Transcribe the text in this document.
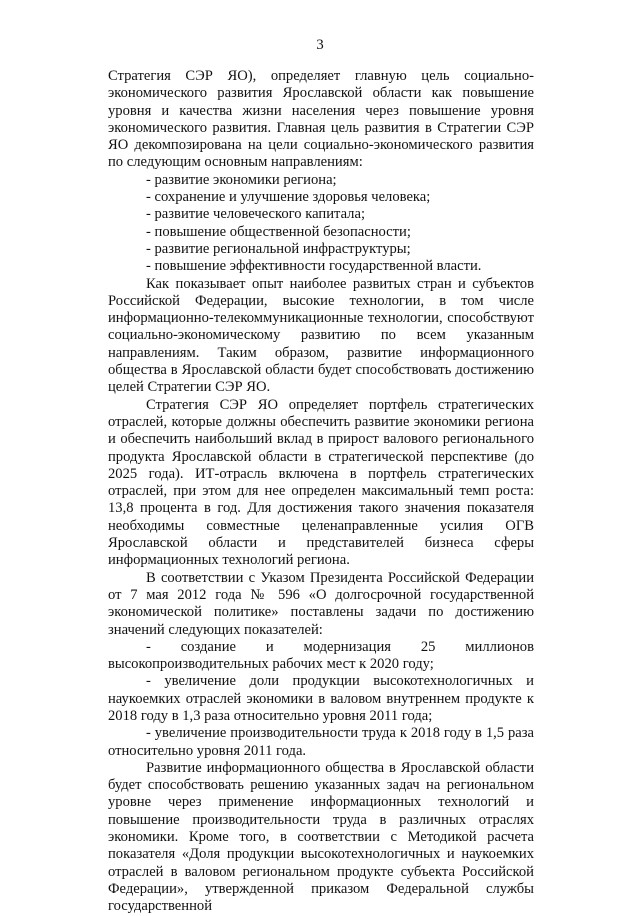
3

Стратегия СЭР ЯО), определяет главную цель социально-экономического развития Ярославской области как повышение уровня и качества жизни населения через повышение уровня экономического развития. Главная цель развития в Стратегии СЭР ЯО декомпозирована на цели социально-экономического развития по следующим основным направлениям:

- развитие экономики региона;
- сохранение и улучшение здоровья человека;
- развитие человеческого капитала;
- повышение общественной безопасности;
- развитие региональной инфраструктуры;
- повышение эффективности государственной власти.

Как показывает опыт наиболее развитых стран и субъектов Российской Федерации, высокие технологии, в том числе информационно-телекоммуникационные технологии, способствуют социально-экономическому развитию по всем указанным направлениям. Таким образом, развитие информационного общества в Ярославской области будет способствовать достижению целей Стратегии СЭР ЯО.

Стратегия СЭР ЯО определяет портфель стратегических отраслей, которые должны обеспечить развитие экономики региона и обеспечить наибольший вклад в прирост валового регионального продукта Ярославской области в стратегической перспективе (до 2025 года). ИТ-отрасль включена в портфель стратегических отраслей, при этом для нее определен максимальный темп роста: 13,8 процента в год. Для достижения такого значения показателя необходимы совместные целенаправленные усилия ОГВ Ярославской области и представителей бизнеса сферы информационных технологий региона.

В соответствии с Указом Президента Российской Федерации от 7 мая 2012 года № 596 «О долгосрочной государственной экономической политике» поставлены задачи по достижению значений следующих показателей:

- создание и модернизация 25 миллионов высокопроизводительных рабочих мест к 2020 году;
- увеличение доли продукции высокотехнологичных и наукоемких отраслей экономики в валовом внутреннем продукте к 2018 году в 1,3 раза относительно уровня 2011 года;
- увеличение производительности труда к 2018 году в 1,5 раза относительно уровня 2011 года.

Развитие информационного общества в Ярославской области будет способствовать решению указанных задач на региональном уровне через применение информационных технологий и повышение производительности труда в различных отраслях экономики. Кроме того, в соответствии с Методикой расчета показателя «Доля продукции высокотехнологичных и наукоемких отраслей в валовом региональном продукте субъекта Российской Федерации», утвержденной приказом Федеральной службы государственной
